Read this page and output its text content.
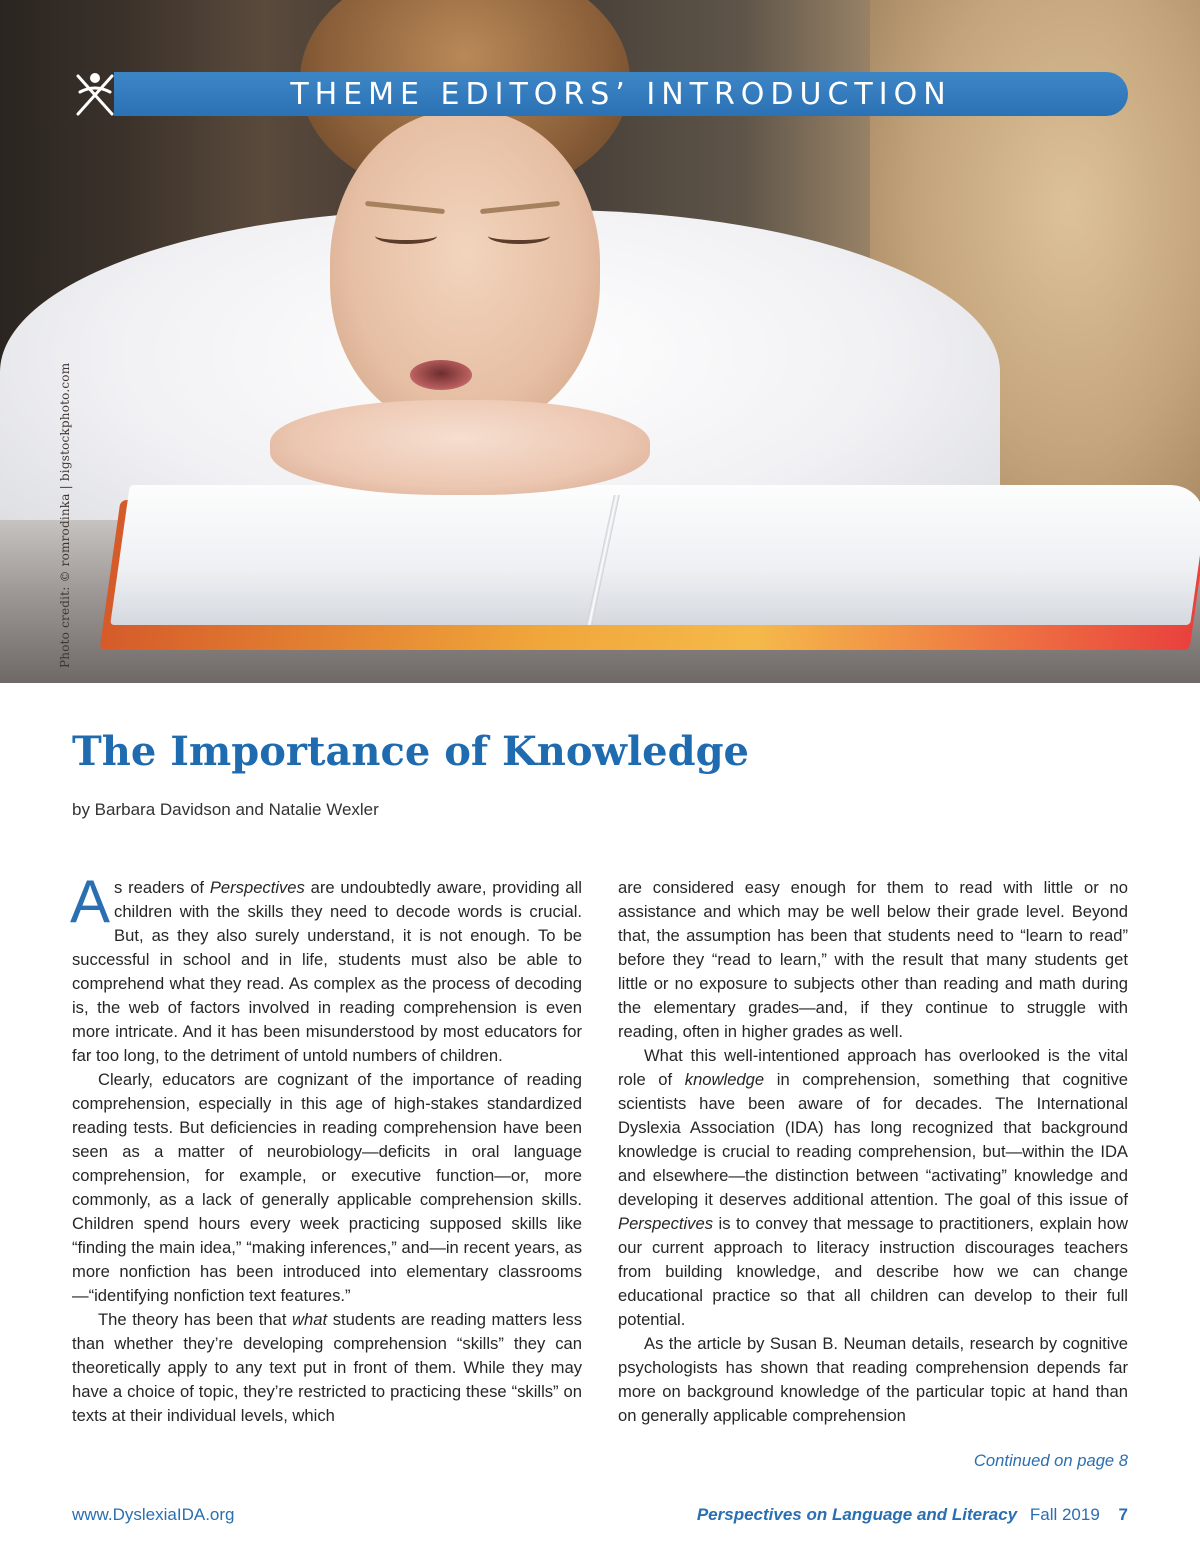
Photo credit: © romrodinka | bigstockphoto.com
THEME EDITORS’ INTRODUCTION
The Importance of Knowledge

by Barbara Davidson and Natalie Wexler

As readers of Perspectives are undoubtedly aware, providing all children with the skills they need to decode words is crucial. But, as they also surely understand, it is not enough. To be successful in school and in life, students must also be able to comprehend what they read. As complex as the process of decoding is, the web of factors involved in reading comprehension is even more intricate. And it has been misunderstood by most educators for far too long, to the detriment of untold numbers of children.

Clearly, educators are cognizant of the importance of reading comprehension, especially in this age of high-stakes standardized reading tests. But deficiencies in reading comprehension have been seen as a matter of neurobiology—deficits in oral language comprehension, for example, or executive function—or, more commonly, as a lack of generally applicable comprehension skills. Children spend hours every week practicing supposed skills like “finding the main idea,” “making inferences,” and—in recent years, as more nonfiction has been introduced into elementary classrooms—“identifying nonfiction text features.”

The theory has been that what students are reading matters less than whether they’re developing comprehension “skills” they can theoretically apply to any text put in front of them. While they may have a choice of topic, they’re restricted to practicing these “skills” on texts at their individual levels, which

are considered easy enough for them to read with little or no assistance and which may be well below their grade level. Beyond that, the assumption has been that students need to “learn to read” before they “read to learn,” with the result that many students get little or no exposure to subjects other than reading and math during the elementary grades—and, if they continue to struggle with reading, often in higher grades as well.

What this well-intentioned approach has overlooked is the vital role of knowledge in comprehension, something that cognitive scientists have been aware of for decades. The International Dyslexia Association (IDA) has long recognized that background knowledge is crucial to reading comprehension, but—within the IDA and elsewhere—the distinction between “activating” knowledge and developing it deserves additional attention. The goal of this issue of Perspectives is to convey that message to practitioners, explain how our current approach to literacy instruction discourages teachers from building knowledge, and describe how we can change educational practice so that all children can develop to their full potential.

As the article by Susan B. Neuman details, research by cognitive psychologists has shown that reading comprehension depends far more on background knowledge of the particular topic at hand than on generally applicable comprehension

Continued on page 8
www.DyslexiaIDA.org	Perspectives on Language and Literacy Fall 2019 7
